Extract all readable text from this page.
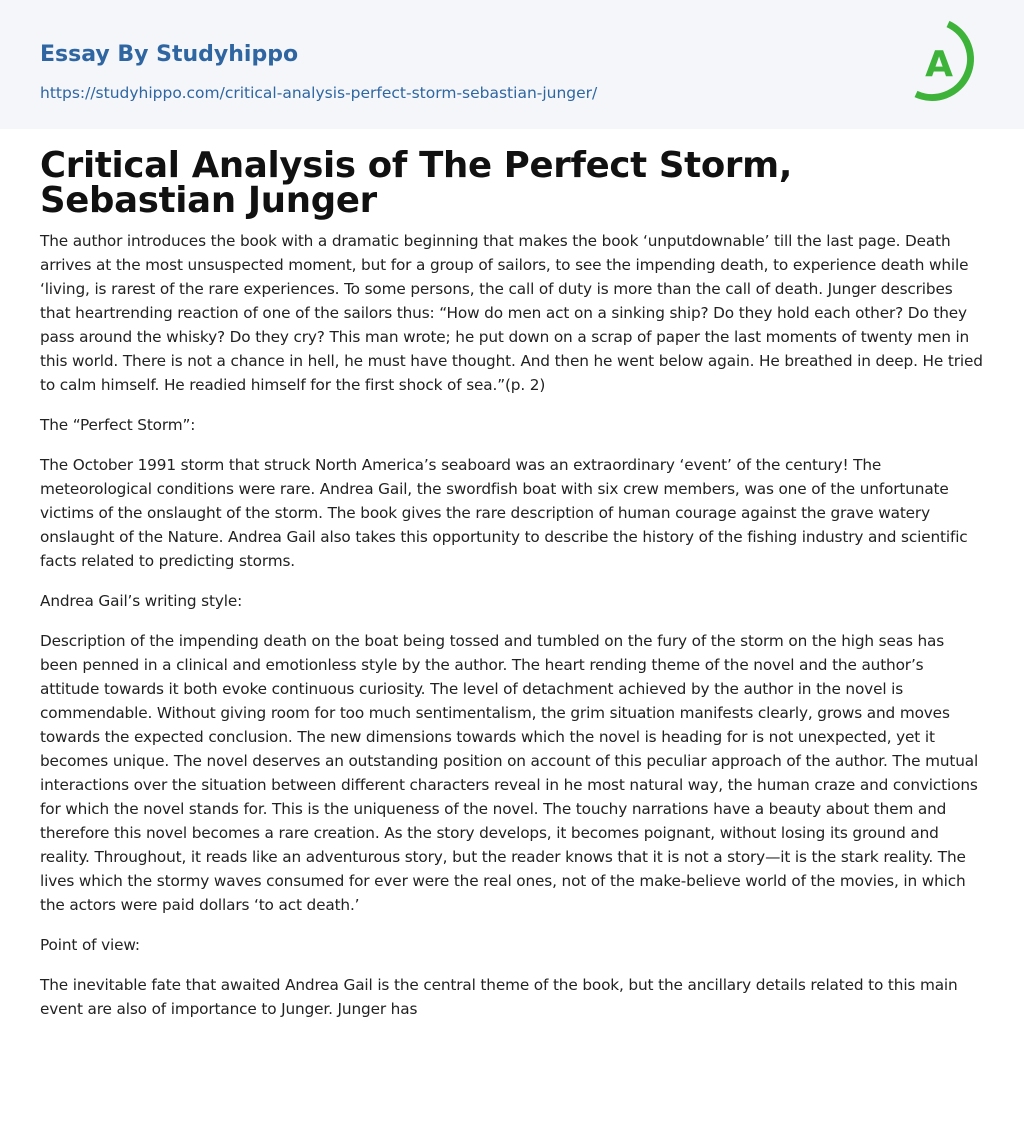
Essay By Studyhippo
https://studyhippo.com/critical-analysis-perfect-storm-sebastian-junger/
A
Critical Analysis of The Perfect Storm, Sebastian Junger

The author introduces the book with a dramatic beginning that makes the book ‘unputdownable’ till the last page. Death arrives at the most unsuspected moment, but for a group of sailors, to see the impending death, to experience death while ‘living, is rarest of the rare experiences. To some persons, the call of duty is more than the call of death. Junger describes that heartrending reaction of one of the sailors thus: “How do men act on a sinking ship? Do they hold each other? Do they pass around the whisky? Do they cry? This man wrote; he put down on a scrap of paper the last moments of twenty men in this world. There is not a chance in hell, he must have thought. And then he went below again. He breathed in deep. He tried to calm himself. He readied himself for the first shock of sea.”(p. 2)

The “Perfect Storm”:

The October 1991 storm that struck North America’s seaboard was an extraordinary ‘event’ of the century! The meteorological conditions were rare. Andrea Gail, the swordfish boat with six crew members, was one of the unfortunate victims of the onslaught of the storm. The book gives the rare description of human courage against the grave watery onslaught of the Nature. Andrea Gail also takes this opportunity to describe the history of the fishing industry and scientific facts related to predicting storms.

Andrea Gail’s writing style:

Description of the impending death on the boat being tossed and tumbled on the fury of the storm on the high seas has been penned in a clinical and emotionless style by the author. The heart rending theme of the novel and the author’s attitude towards it both evoke continuous curiosity. The level of detachment achieved by the author in the novel is commendable. Without giving room for too much sentimentalism, the grim situation manifests clearly, grows and moves towards the expected conclusion. The new dimensions towards which the novel is heading for is not unexpected, yet it becomes unique. The novel deserves an outstanding position on account of this peculiar approach of the author. The mutual interactions over the situation between different characters reveal in he most natural way, the human craze and convictions for which the novel stands for. This is the uniqueness of the novel. The touchy narrations have a beauty about them and therefore this novel becomes a rare creation. As the story develops, it becomes poignant, without losing its ground and reality. Throughout, it reads like an adventurous story, but the reader knows that it is not a story—it is the stark reality. The lives which the stormy waves consumed for ever were the real ones, not of the make-believe world of the movies, in which the actors were paid dollars ‘to act death.’

Point of view:

The inevitable fate that awaited Andrea Gail is the central theme of the book, but the ancillary details related to this main event are also of importance to Junger. Junger has
